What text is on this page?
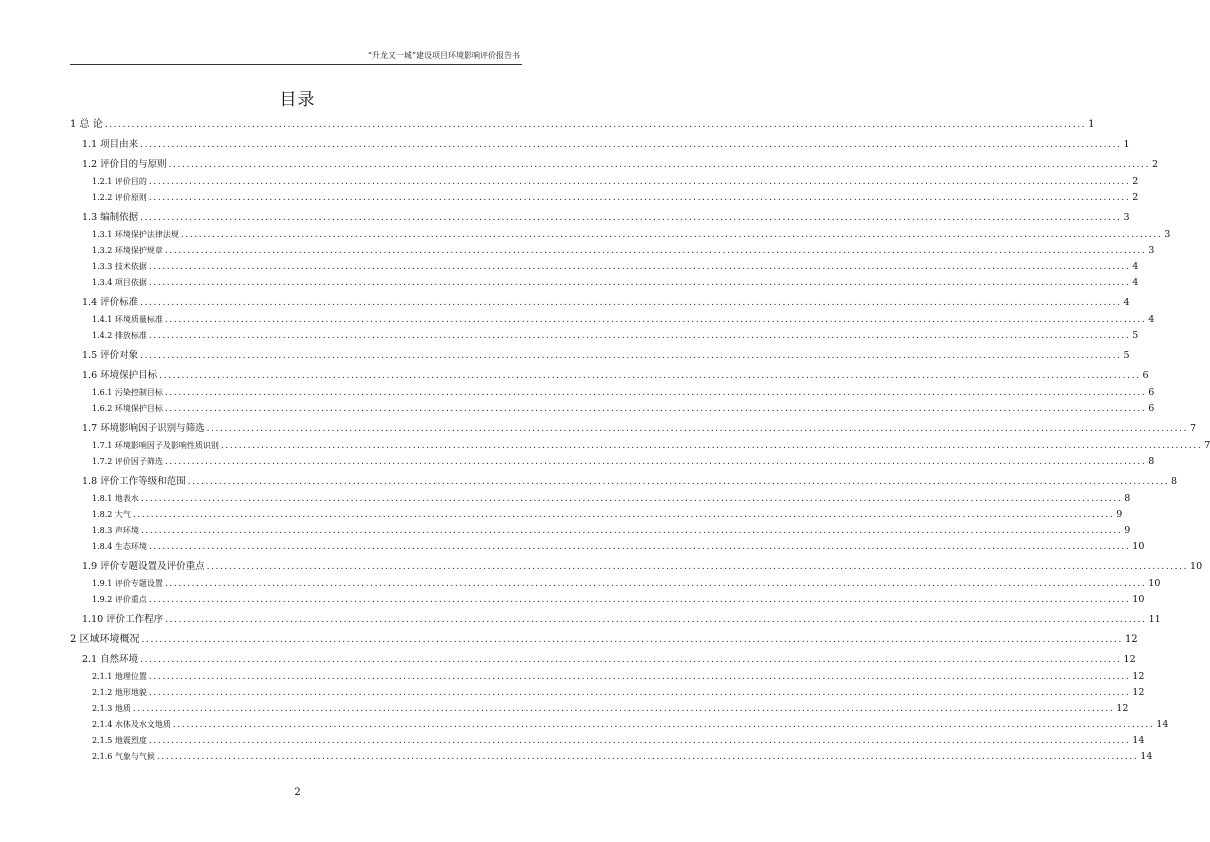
“升龙又一城”建设项目环境影响评价报告书
目录
1 总 论 ............................................................................................................................................................................................................................ 1
1.1 项目由来 ............................................................................................................................................................................................................................ 1
1.2 评价目的与原则 ............................................................................................................................................................................................................................ 2
1.2.1 评价目的 ............................................................................................................................................................................................................................ 2
1.2.2 评价原则 ............................................................................................................................................................................................................................ 2
1.3 编制依据 ............................................................................................................................................................................................................................ 3
1.3.1 环境保护法律法规 ............................................................................................................................................................................................................................ 3
1.3.2 环境保护规章 ............................................................................................................................................................................................................................ 3
1.3.3 技术依据 ............................................................................................................................................................................................................................ 4
1.3.4 项目依据 ............................................................................................................................................................................................................................ 4
1.4 评价标准 ............................................................................................................................................................................................................................ 4
1.4.1 环境质量标准 ............................................................................................................................................................................................................................ 4
1.4.2 排放标准 ............................................................................................................................................................................................................................ 5
1.5 评价对象 ............................................................................................................................................................................................................................ 5
1.6 环境保护目标 ............................................................................................................................................................................................................................ 6
1.6.1 污染控制目标 ............................................................................................................................................................................................................................ 6
1.6.2 环境保护目标 ............................................................................................................................................................................................................................ 6
1.7 环境影响因子识别与筛选 ............................................................................................................................................................................................................................ 7
1.7.1 环境影响因子及影响性质识别 ............................................................................................................................................................................................................................ 7
1.7.2 评价因子筛选 ............................................................................................................................................................................................................................ 8
1.8 评价工作等级和范围 ............................................................................................................................................................................................................................ 8
1.8.1 地表水 ............................................................................................................................................................................................................................ 8
1.8.2 大气 ............................................................................................................................................................................................................................ 9
1.8.3 声环境 ............................................................................................................................................................................................................................ 9
1.8.4 生态环境 ............................................................................................................................................................................................................................ 10
1.9 评价专题设置及评价重点 ............................................................................................................................................................................................................................ 10
1.9.1 评价专题设置 ............................................................................................................................................................................................................................ 10
1.9.2 评价重点 ............................................................................................................................................................................................................................ 10
1.10 评价工作程序 ............................................................................................................................................................................................................................ 11
2 区域环境概况 ............................................................................................................................................................................................................................ 12
2.1 自然环境 ............................................................................................................................................................................................................................ 12
2.1.1 地理位置 ............................................................................................................................................................................................................................ 12
2.1.2 地形地貌 ............................................................................................................................................................................................................................ 12
2.1.3 地质 ............................................................................................................................................................................................................................ 12
2.1.4 水体及水文地质 ............................................................................................................................................................................................................................ 14
2.1.5 地震烈度 ............................................................................................................................................................................................................................ 14
2.1.6 气象与气候 ............................................................................................................................................................................................................................ 14
2
